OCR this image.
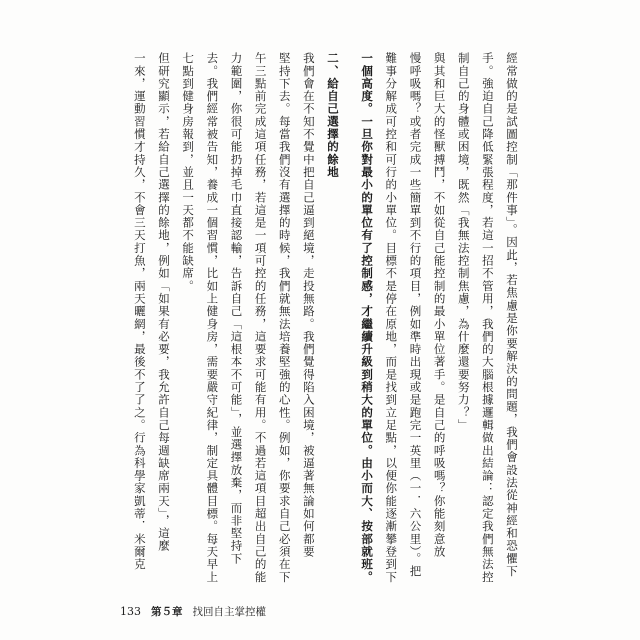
經常做的是試圖控制「那件事」。因此，若焦慮是你要解決的問題，我們會設法從神經和恐懼下
手。強迫自己降低緊張程度，若這一招不管用，我們的大腦根據邏輯做出結論：認定我們無法控
制自己的身體或困境，既然「我無法控制焦慮，為什麼還要努力？」
與其和巨大的怪獸搏鬥，不如從自己能控制的最小單位著手。是自己的呼吸嗎？你能刻意放
慢呼吸嗎？或者完成一些簡單到不行的項目，例如準時出現或是跑完一英里（一．六公里）。把
難事分解成可控和可行的小單位。目標不是停在原地，而是找到立足點，以便你能逐漸攀登到下
一個高度。一旦你對最小的單位有了控制感，才繼續升級到稍大的單位。由小而大、按部就班。
二、給自己選擇的餘地
我們會在不知不覺中把自己逼到絕境，走投無路。我們覺得陷入困境，被逼著無論如何都要
堅持下去。每當我們沒有選擇的時候，我們就無法培養堅強的心性。例如，你要求自己必須在下
午三點前完成這項任務，若這是一項可控的任務，這要求可能有用。不過若這項目超出自己的能
力範圍，你很可能扔掉毛巾直接認輸，告訴自己「這根本不可能」，並選擇放棄，而非堅持下
去。我們經常被告知，養成一個習慣，比如上健身房，需要嚴守紀律，制定具體目標。每天早上
七點到健身房報到，並且一天都不能缺席。
但研究顯示，若給自己選擇的餘地，例如「如果有必要，我允許自己每週缺席兩天」，這麼
一來，運動習慣才持久，不會三天打魚，兩天曬網，最後不了了之。行為科學家凱蒂．米爾克
133 第５章 找回自主掌控權
